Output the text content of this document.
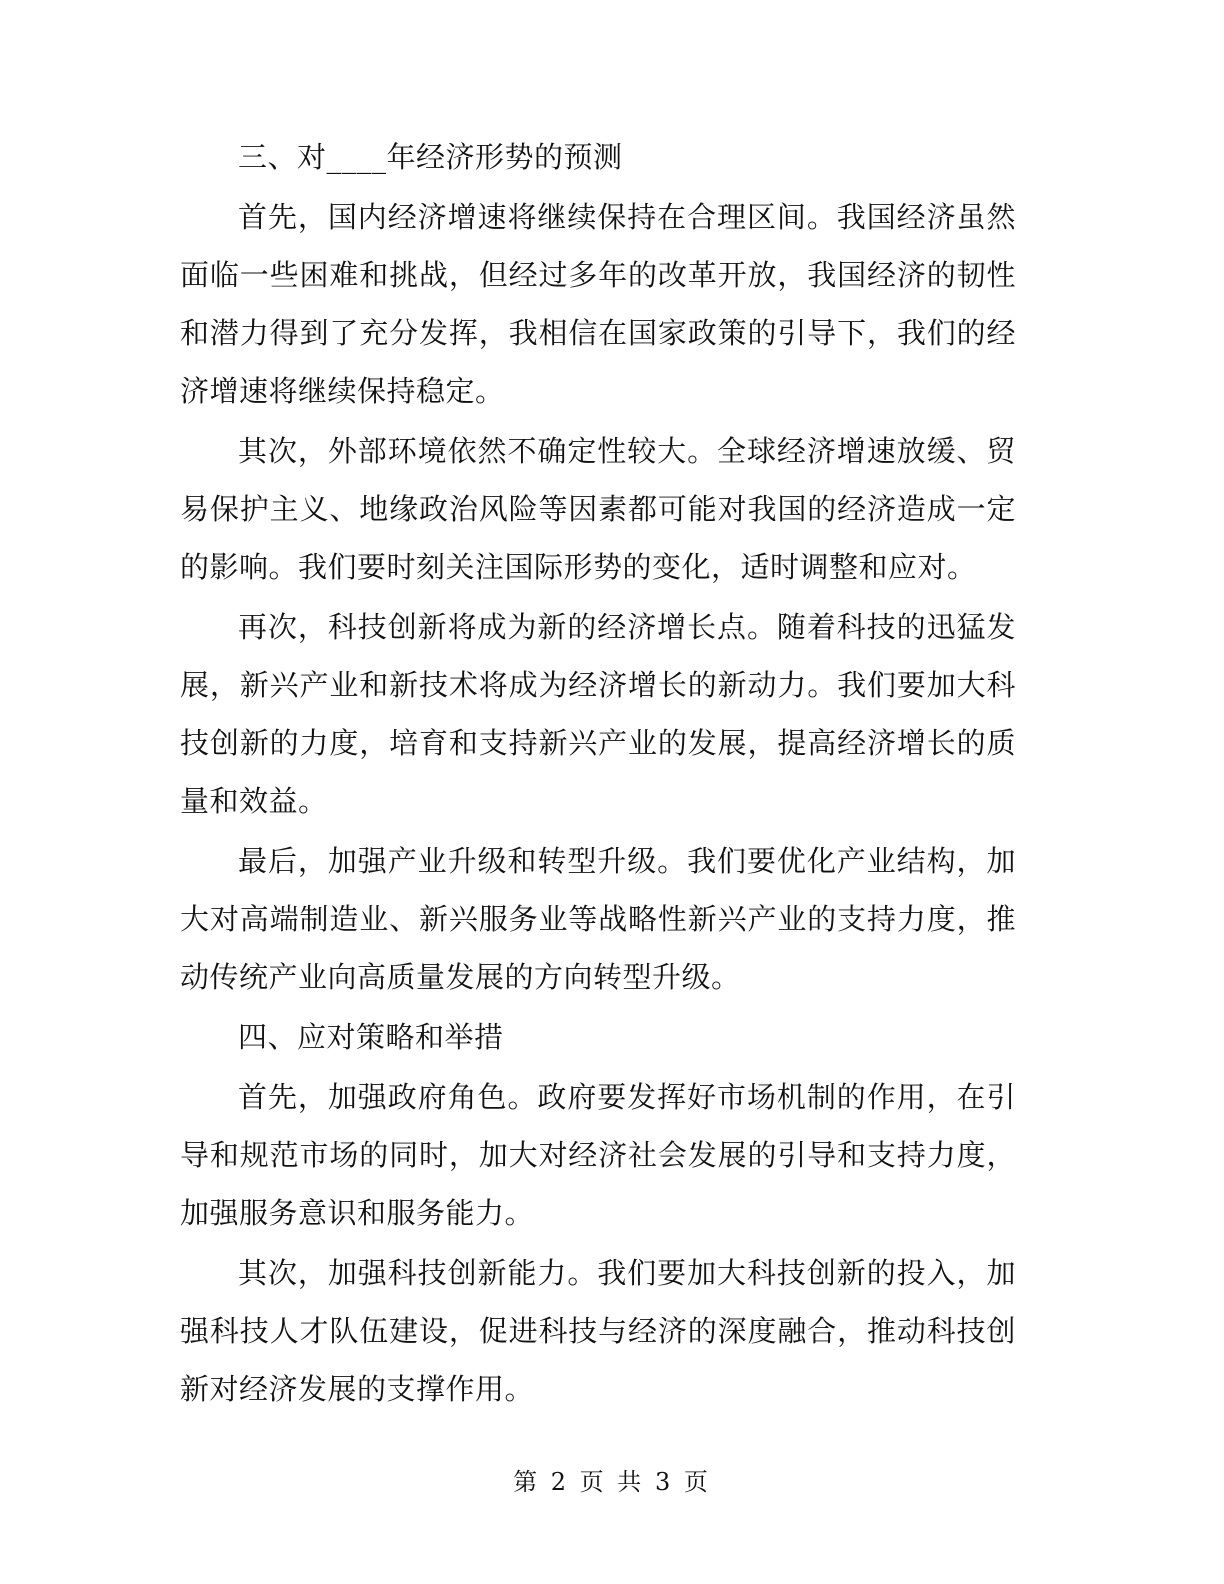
三、对____年经济形势的预测

首先，国内经济增速将继续保持在合理区间。我国经济虽然面临一些困难和挑战，但经过多年的改革开放，我国经济的韧性和潜力得到了充分发挥，我相信在国家政策的引导下，我们的经济增速将继续保持稳定。

其次，外部环境依然不确定性较大。全球经济增速放缓、贸易保护主义、地缘政治风险等因素都可能对我国的经济造成一定的影响。我们要时刻关注国际形势的变化，适时调整和应对。

再次，科技创新将成为新的经济增长点。随着科技的迅猛发展，新兴产业和新技术将成为经济增长的新动力。我们要加大科技创新的力度，培育和支持新兴产业的发展，提高经济增长的质量和效益。

最后，加强产业升级和转型升级。我们要优化产业结构，加大对高端制造业、新兴服务业等战略性新兴产业的支持力度，推动传统产业向高质量发展的方向转型升级。

四、应对策略和举措

首先，加强政府角色。政府要发挥好市场机制的作用，在引导和规范市场的同时，加大对经济社会发展的引导和支持力度，加强服务意识和服务能力。

其次，加强科技创新能力。我们要加大科技创新的投入，加强科技人才队伍建设，促进科技与经济的深度融合，推动科技创新对经济发展的支撑作用。

第 2 页 共 3 页
